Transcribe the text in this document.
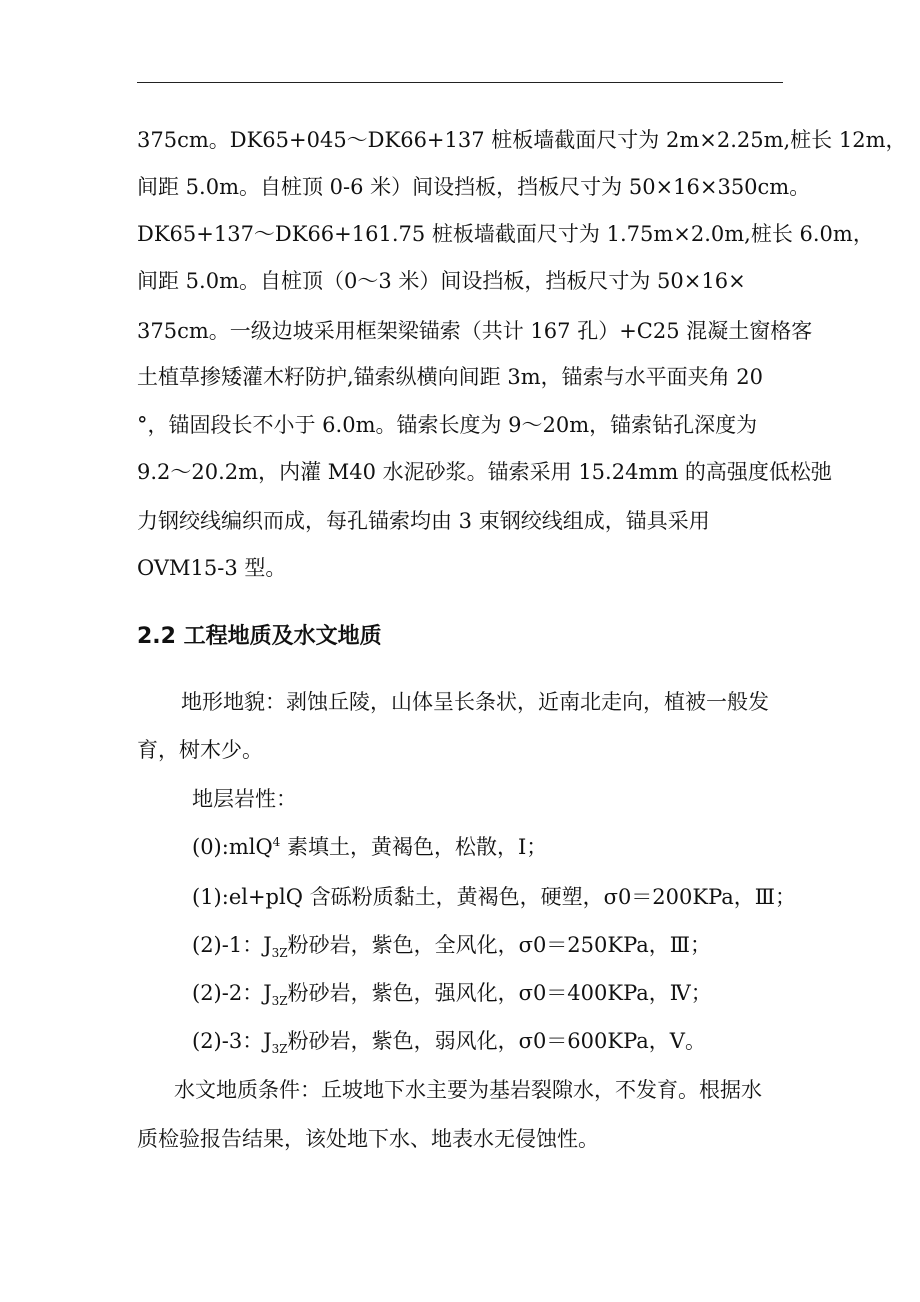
375cm。DK65+045～DK66+137 桩板墙截面尺寸为 2m×2.25m,桩长 12m，
间距 5.0m。自桩顶 0-6 米）间设挡板，挡板尺寸为 50×16×350cm。
DK65+137～DK66+161.75 桩板墙截面尺寸为 1.75m×2.0m,桩长 6.0m，
间距 5.0m。自桩顶（0～3 米）间设挡板，挡板尺寸为 50×16×
375cm。一级边坡采用框架梁锚索（共计 167 孔）+C25 混凝土窗格客
土植草掺矮灌木籽防护,锚索纵横向间距 3m，锚索与水平面夹角 20
°，锚固段长不小于 6.0m。锚索长度为 9～20m，锚索钻孔深度为
9.2～20.2m，内灌 M40 水泥砂浆。锚索采用 15.24mm 的高强度低松弛
力钢绞线编织而成，每孔锚索均由 3 束钢绞线组成，锚具采用
OVM15-3 型。
2.2 工程地质及水文地质
地形地貌：剥蚀丘陵，山体呈长条状，近南北走向，植被一般发
育，树木少。
地层岩性：
(0):mlQ$^4$ 素填土，黄褐色，松散，Ⅰ；
(1):el+plQ 含砾粉质黏土，黄褐色，硬塑，σ0＝200KPa，Ⅲ；
(2)-1：$J_{3Z}$粉砂岩，紫色，全风化，σ0＝250KPa，Ⅲ；
(2)-2：$J_{3Z}$粉砂岩，紫色，强风化，σ0＝400KPa，Ⅳ；
(2)-3：$J_{3Z}$粉砂岩，紫色，弱风化，σ0＝600KPa，Ⅴ。
水文地质条件：丘坡地下水主要为基岩裂隙水，不发育。根据水
质检验报告结果，该处地下水、地表水无侵蚀性。
